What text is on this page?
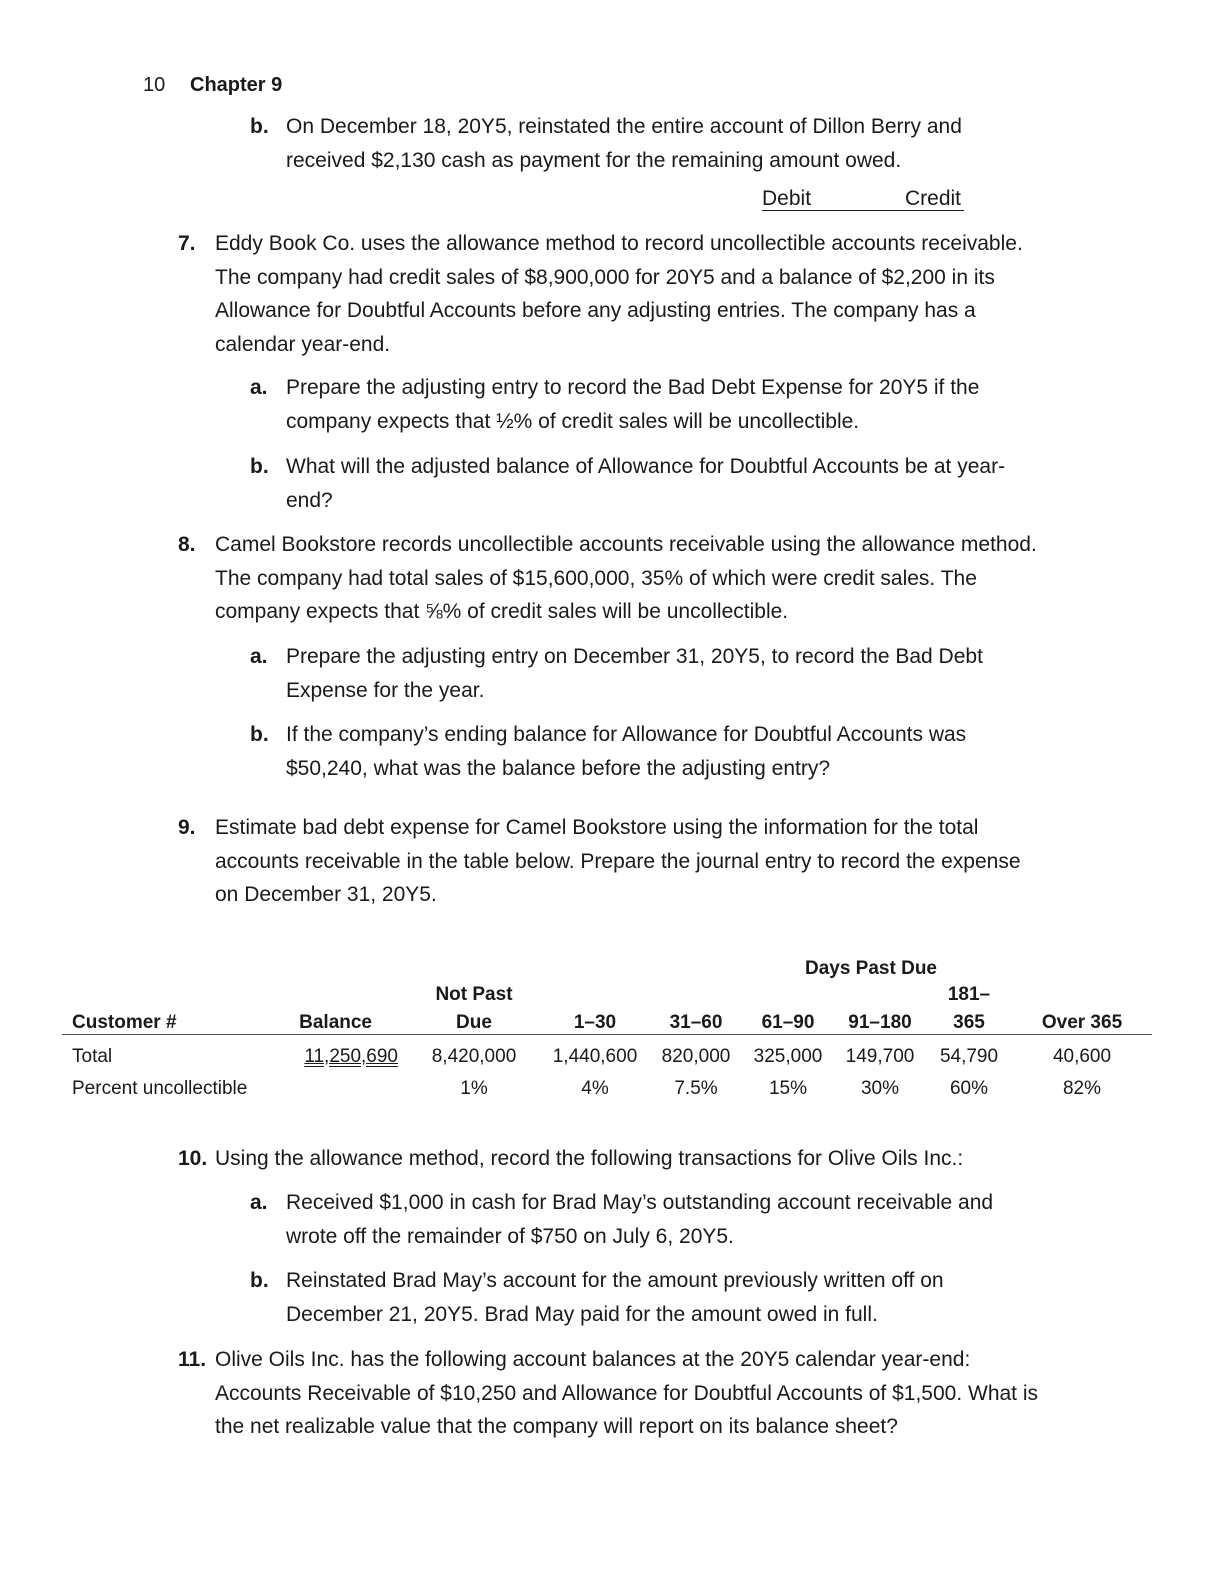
10 Chapter 9
b. On December 18, 20Y5, reinstated the entire account of Dillon Berry and
received $2,130 cash as payment for the remaining amount owed.
Debit	Credit
7. Eddy Book Co. uses the allowance method to record uncollectible accounts receivable.
The company had credit sales of $8,900,000 for 20Y5 and a balance of $2,200 in its
Allowance for Doubtful Accounts before any adjusting entries. The company has a
calendar year-end.
a. Prepare the adjusting entry to record the Bad Debt Expense for 20Y5 if the
company expects that ½% of credit sales will be uncollectible.
b. What will the adjusted balance of Allowance for Doubtful Accounts be at year-
end?
8. Camel Bookstore records uncollectible accounts receivable using the allowance method.
The company had total sales of $15,600,000, 35% of which were credit sales. The
company expects that ⅝% of credit sales will be uncollectible.
a. Prepare the adjusting entry on December 31, 20Y5, to record the Bad Debt
Expense for the year.
b. If the company’s ending balance for Allowance for Doubtful Accounts was
$50,240, what was the balance before the adjusting entry?
9. Estimate bad debt expense for Camel Bookstore using the information for the total
accounts receivable in the table below. Prepare the journal entry to record the expense
on December 31, 20Y5.
				Days Past Due				
		Not Past					181–	
Customer #	Balance	Due	1–30	31–60	61–90	91–180	365	Over 365
Total	11,250,690	8,420,000	1,440,600	820,000	325,000	149,700	54,790	40,600
Percent uncollectible		1%	4%	7.5%	15%	30%	60%	82%
10. Using the allowance method, record the following transactions for Olive Oils Inc.:
a. Received $1,000 in cash for Brad May’s outstanding account receivable and
wrote off the remainder of $750 on July 6, 20Y5.
b. Reinstated Brad May’s account for the amount previously written off on
December 21, 20Y5. Brad May paid for the amount owed in full.
11. Olive Oils Inc. has the following account balances at the 20Y5 calendar year-end:
Accounts Receivable of $10,250 and Allowance for Doubtful Accounts of $1,500. What is
the net realizable value that the company will report on its balance sheet?
